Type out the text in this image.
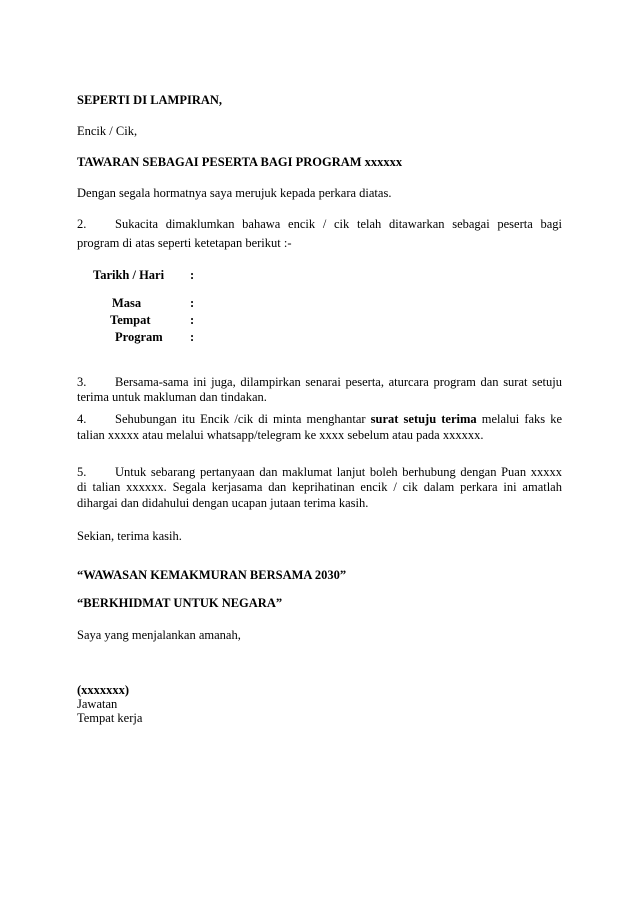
SEPERTI DI LAMPIRAN,
Encik / Cik,
TAWARAN SEBAGAI PESERTA BAGI PROGRAM xxxxxx
Dengan segala hormatnya saya merujuk kepada perkara diatas.
2. Sukacita dimaklumkan bahawa encik / cik telah ditawarkan sebagai peserta bagi
program di atas seperti ketetapan berikut :-
Tarikh / Hari :
Masa	:
Tempat	:
Program :
3. Bersama-sama ini juga, dilampirkan senarai peserta, aturcara program dan surat setuju
terima untuk makluman dan tindakan.
4. Sehubungan itu Encik /cik di minta menghantar surat setuju terima melalui faks ke
talian xxxxx atau melalui whatsapp/telegram ke xxxx sebelum atau pada xxxxxx.
5. Untuk sebarang pertanyaan dan maklumat lanjut boleh berhubung dengan Puan xxxxx
di talian xxxxxx. Segala kerjasama dan keprihatinan encik / cik dalam perkara ini amatlah
dihargai dan didahului dengan ucapan jutaan terima kasih.
Sekian, terima kasih.
“WAWASAN KEMAKMURAN BERSAMA 2030”
“BERKHIDMAT UNTUK NEGARA”
Saya yang menjalankan amanah,
(xxxxxxx)
Jawatan
Tempat kerja
